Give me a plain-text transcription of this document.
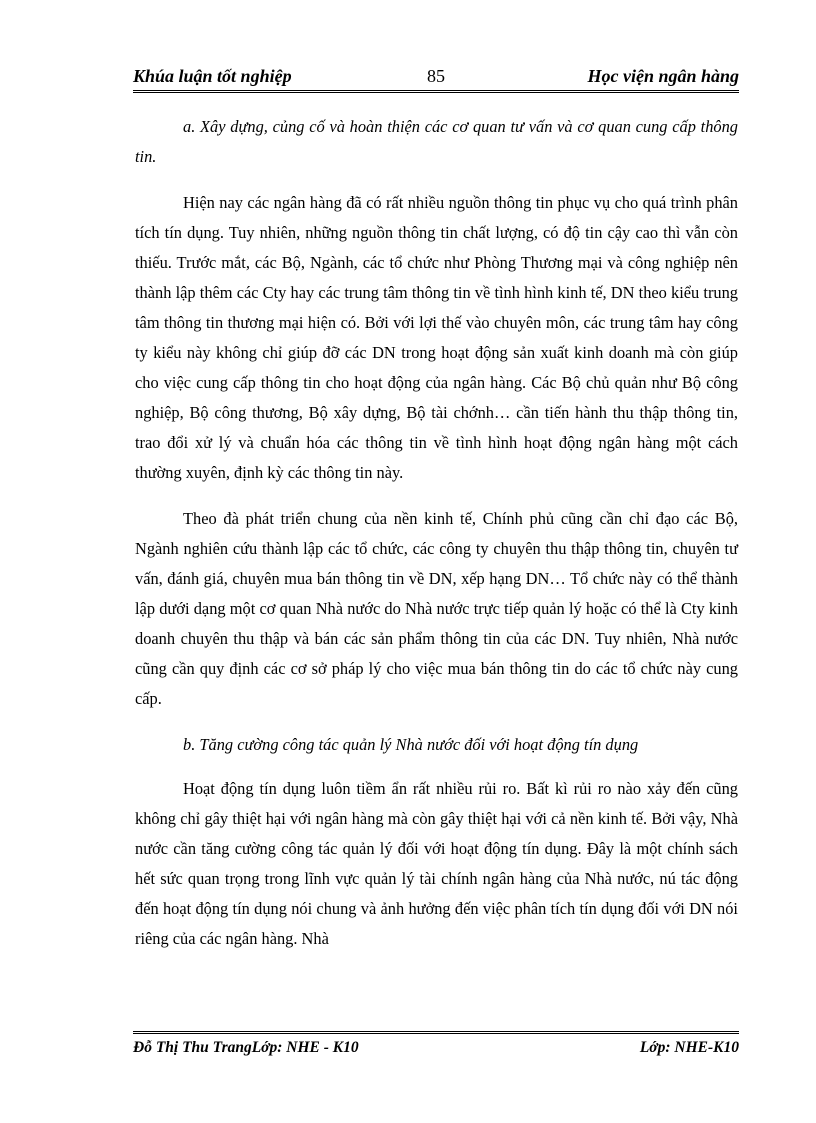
Khúa luận tốt nghiệp	85	Học viện ngân hàng

a. Xây dựng, củng cố và hoàn thiện các cơ quan tư vấn và cơ quan cung cấp thông tin.

Hiện nay các ngân hàng đã có rất nhiều nguồn thông tin phục vụ cho quá trình phân tích tín dụng. Tuy nhiên, những nguồn thông tin chất lượng, có độ tin cậy cao thì vẫn còn thiếu. Trước mắt, các Bộ, Ngành, các tổ chức như Phòng Thương mại và công nghiệp nên thành lập thêm các Cty hay các trung tâm thông tin về tình hình kinh tế, DN theo kiểu trung tâm thông tin thương mại hiện có. Bởi với lợi thế vào chuyên môn, các trung tâm hay công ty kiểu này không chỉ giúp đỡ các DN trong hoạt động sản xuất kinh doanh mà còn giúp cho việc cung cấp thông tin cho hoạt động của ngân hàng. Các Bộ chủ quản như Bộ công nghiệp, Bộ công thương, Bộ xây dựng, Bộ tài chớnh… cần tiến hành thu thập thông tin, trao đổi xử lý và chuẩn hóa các thông tin về tình hình hoạt động ngân hàng một cách thường xuyên, định kỳ các thông tin này.

Theo đà phát triển chung của nền kinh tế, Chính phủ cũng cần chỉ đạo các Bộ, Ngành nghiên cứu thành lập các tổ chức, các công ty chuyên thu thập thông tin, chuyên tư vấn, đánh giá, chuyên mua bán thông tin về DN, xếp hạng DN… Tổ chức này có thể thành lập dưới dạng một cơ quan Nhà nước do Nhà nước trực tiếp quản lý hoặc có thể là Cty kinh doanh chuyên thu thập và bán các sản phẩm thông tin của các DN. Tuy nhiên, Nhà nước cũng cần quy định các cơ sở pháp lý cho việc mua bán thông tin do các tổ chức này cung cấp.

b. Tăng cường công tác quản lý Nhà nước đối với hoạt động tín dụng

Hoạt động tín dụng luôn tiềm ẩn rất nhiều rủi ro. Bất kì rủi ro nào xảy đến cũng không chỉ gây thiệt hại với ngân hàng mà còn gây thiệt hại với cả nền kinh tế. Bởi vậy, Nhà nước cần tăng cường công tác quản lý đối với hoạt động tín dụng. Đây là một chính sách hết sức quan trọng trong lĩnh vực quản lý tài chính ngân hàng của Nhà nước, nú tác động đến hoạt động tín dụng nói chung và ảnh hưởng đến việc phân tích tín dụng đối với DN nói riêng của các ngân hàng. Nhà

Đỗ Thị Thu TrangLớp: NHE - K10	Lớp: NHE-K10
